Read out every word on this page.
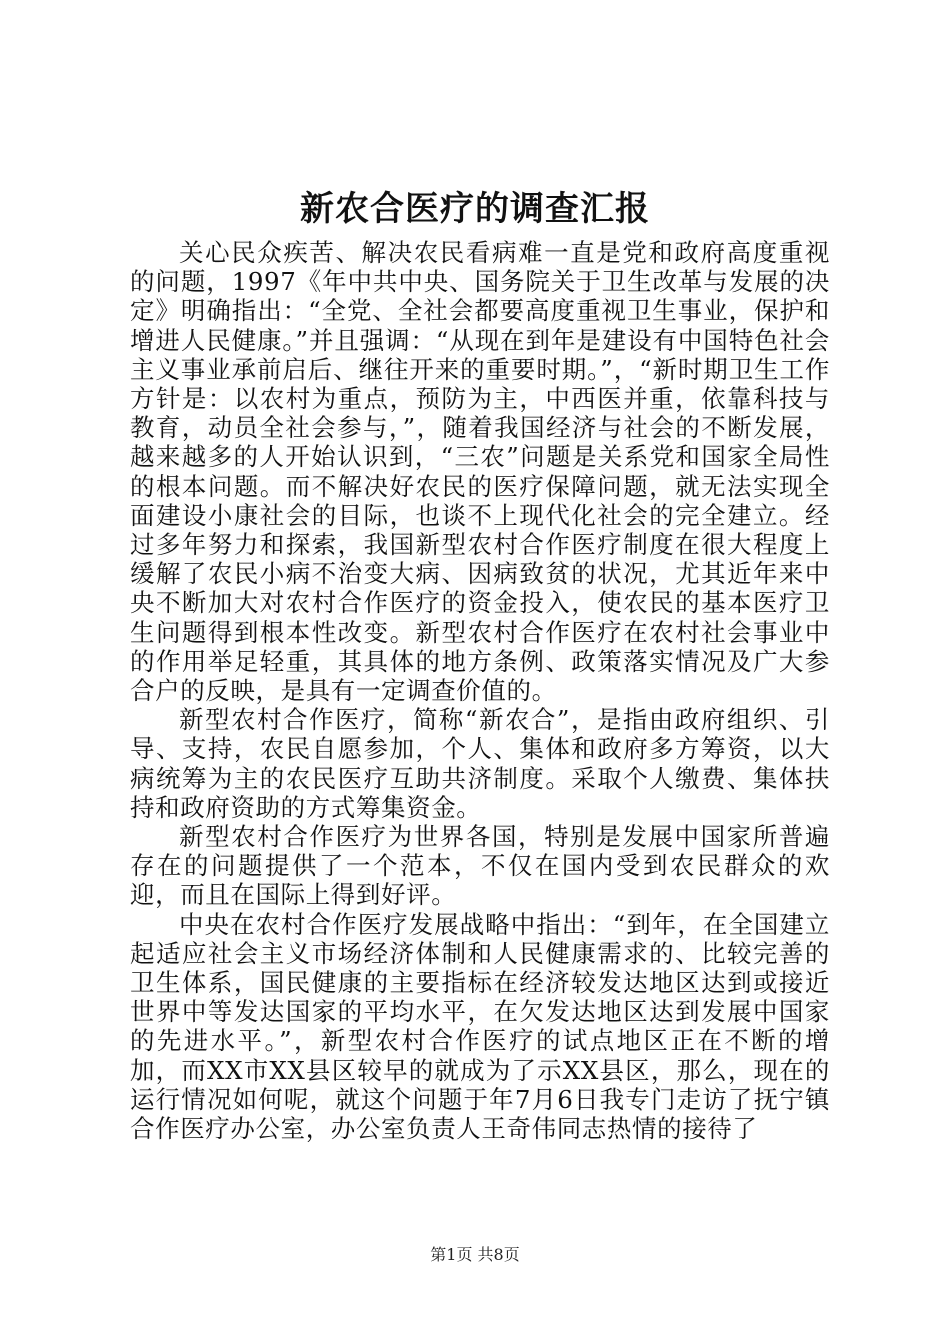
新农合医疗的调查汇报

关心民众疾苦、解决农民看病难一直是党和政府高度重视的问题，1997《年中共中央、国务院关于卫生改革与发展的决定》明确指出：“全党、全社会都要高度重视卫生事业，保护和增进人民健康。”并且强调：“从现在到年是建设有中国特色社会主义事业承前启后、继往开来的重要时期。”，“新时期卫生工作方针是：以农村为重点，预防为主，中西医并重，依靠科技与教育，动员全社会参与，”，随着我国经济与社会的不断发展，越来越多的人开始认识到，“三农”问题是关系党和国家全局性的根本问题。而不解决好农民的医疗保障问题，就无法实现全面建设小康社会的目际，也谈不上现代化社会的完全建立。经过多年努力和探索，我国新型农村合作医疗制度在很大程度上缓解了农民小病不治变大病、因病致贫的状况，尤其近年来中央不断加大对农村合作医疗的资金投入，使农民的基本医疗卫生问题得到根本性改变。新型农村合作医疗在农村社会事业中的作用举足轻重，其具体的地方条例、政策落实情况及广大参合户的反映，是具有一定调查价值的。

新型农村合作医疗，简称“新农合”，是指由政府组织、引导、支持，农民自愿参加，个人、集体和政府多方筹资，以大病统筹为主的农民医疗互助共济制度。采取个人缴费、集体扶持和政府资助的方式筹集资金。

新型农村合作医疗为世界各国，特别是发展中国家所普遍存在的问题提供了一个范本，不仅在国内受到农民群众的欢迎，而且在国际上得到好评。

中央在农村合作医疗发展战略中指出：“到年，在全国建立起适应社会主义市场经济体制和人民健康需求的、比较完善的卫生体系，国民健康的主要指标在经济较发达地区达到或接近世界中等发达国家的平均水平，在欠发达地区达到发展中国家的先进水平。”，新型农村合作医疗的试点地区正在不断的增加，而XX市XX县区较早的就成为了示XX县区，那么，现在的运行情况如何呢，就这个问题于年7月6日我专门走访了抚宁镇合作医疗办公室，办公室负责人王奇伟同志热情的接待了

第1页 共8页
